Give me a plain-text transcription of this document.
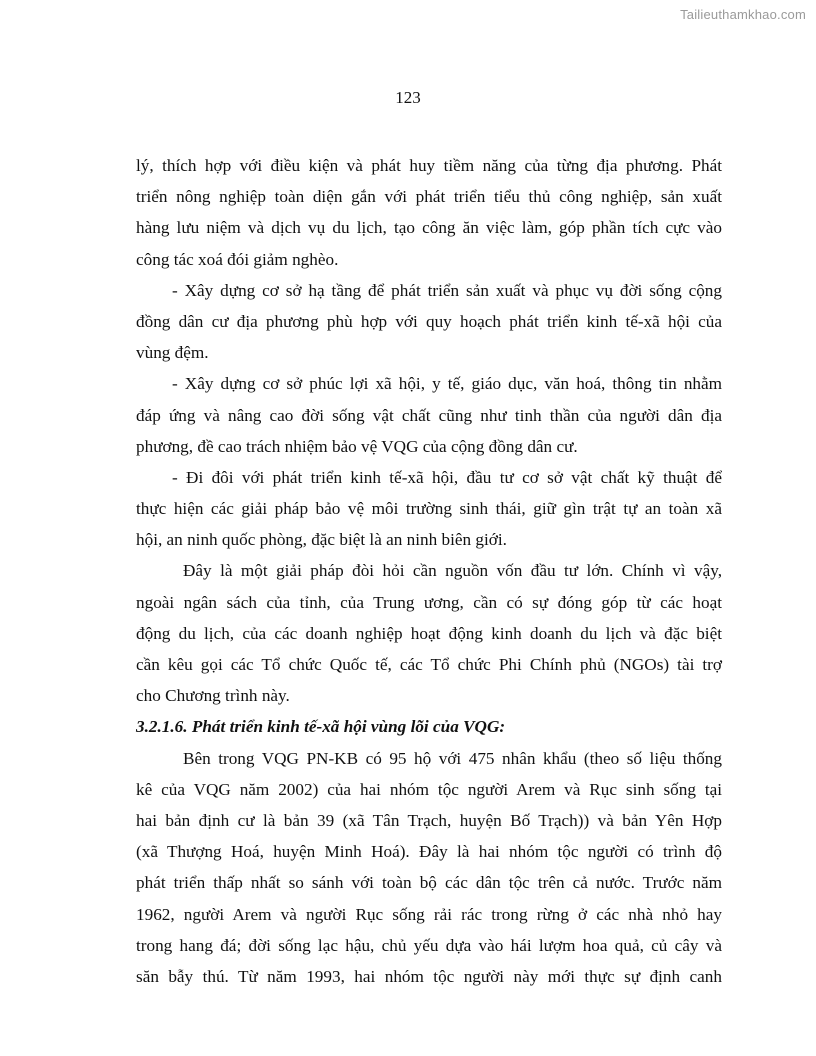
Tailieuthamkhao.com
123
lý, thích hợp với điều kiện và phát huy tiềm năng của từng địa phương. Phát
triển nông nghiệp toàn diện gắn với phát triển tiểu thủ công nghiệp, sản xuất
hàng lưu niệm và dịch vụ du lịch, tạo công ăn việc làm, góp phần tích cực vào
công tác xoá đói giảm nghèo.
- Xây dựng cơ sở hạ tầng để phát triển sản xuất và phục vụ đời sống cộng
đồng dân cư địa phương phù hợp với quy hoạch phát triển kinh tế-xã hội của
vùng đệm.
- Xây dựng cơ sở phúc lợi xã hội, y tế, giáo dục, văn hoá, thông tin nhằm
đáp ứng và nâng cao đời sống vật chất cũng như tinh thần của người dân địa
phương, đề cao trách nhiệm bảo vệ VQG của cộng đồng dân cư.
- Đi đôi với phát triển kinh tế-xã hội, đầu tư cơ sở vật chất kỹ thuật để
thực hiện các giải pháp bảo vệ môi trường sinh thái, giữ gìn trật tự an toàn xã
hội, an ninh quốc phòng, đặc biệt là an ninh biên giới.
Đây là một giải pháp đòi hỏi cần nguồn vốn đầu tư lớn. Chính vì vậy,
ngoài ngân sách của tỉnh, của Trung ương, cần có sự đóng góp từ các hoạt
động du lịch, của các doanh nghiệp hoạt động kinh doanh du lịch và đặc biệt
cần kêu gọi các Tổ chức Quốc tế, các Tổ chức Phi Chính phủ (NGOs) tài trợ
cho Chương trình này.
3.2.1.6. Phát triển kinh tế-xã hội vùng lõi của VQG:
Bên trong VQG PN-KB có 95 hộ với 475 nhân khẩu (theo số liệu thống
kê của VQG năm 2002) của hai nhóm tộc người Arem và Rục sinh sống tại
hai bản định cư là bản 39 (xã Tân Trạch, huyện Bố Trạch)) và bản Yên Hợp
(xã Thượng Hoá, huyện Minh Hoá). Đây là hai nhóm tộc người có trình độ
phát triển thấp nhất so sánh với toàn bộ các dân tộc trên cả nước. Trước năm
1962, người Arem và người Rục sống rải rác trong rừng ở các nhà nhỏ hay
trong hang đá; đời sống lạc hậu, chủ yếu dựa vào hái lượm hoa quả, củ cây và
săn bẫy thú. Từ năm 1993, hai nhóm tộc người này mới thực sự định canh
